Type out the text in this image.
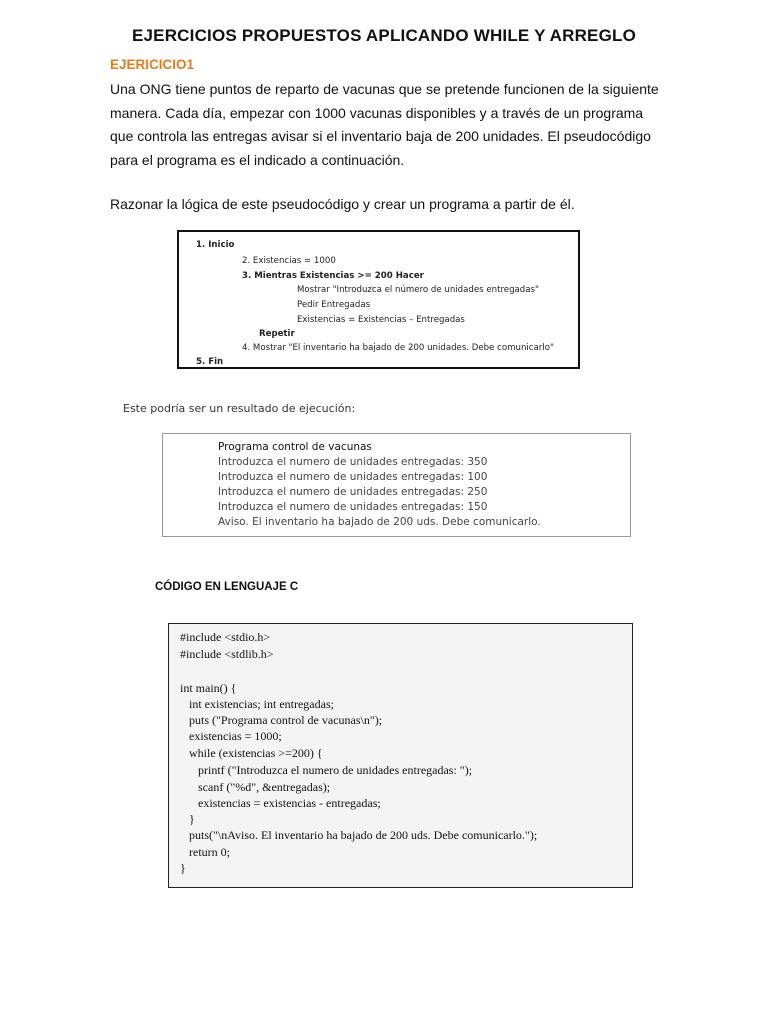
EJERCICIOS PROPUESTOS APLICANDO WHILE Y ARREGLO
EJERICICIO1
Una ONG tiene puntos de reparto de vacunas que se pretende funcionen de la siguiente
manera. Cada día, empezar con 1000 vacunas disponibles y a través de un programa
que controla las entregas avisar si el inventario baja de 200 unidades. El pseudocódigo
para el programa es el indicado a continuación.
Razonar la lógica de este pseudocódigo y crear un programa a partir de él.
1. Inicio
2. Existencias = 1000
3. Mientras Existencias >= 200 Hacer
Mostrar "Introduzca el número de unidades entregadas"
Pedir Entregadas
Existencias = Existencias – Entregadas
Repetir
4. Mostrar "El inventario ha bajado de 200 unidades. Debe comunicarlo"
5. Fin
Este podría ser un resultado de ejecución:
Programa control de vacunas
Introduzca el numero de unidades entregadas: 350
Introduzca el numero de unidades entregadas: 100
Introduzca el numero de unidades entregadas: 250
Introduzca el numero de unidades entregadas: 150
Aviso. El inventario ha bajado de 200 uds. Debe comunicarlo.
CÓDIGO EN LENGUAJE C
#include <stdio.h>
#include <stdlib.h>
int main() {
int existencias; int entregadas;
puts ("Programa control de vacunas\n");
existencias = 1000;
while (existencias >=200) {
printf ("Introduzca el numero de unidades entregadas: ");
scanf ("%d", &entregadas);
existencias = existencias - entregadas;
}
puts("\nAviso. El inventario ha bajado de 200 uds. Debe comunicarlo.");
return 0;
}
